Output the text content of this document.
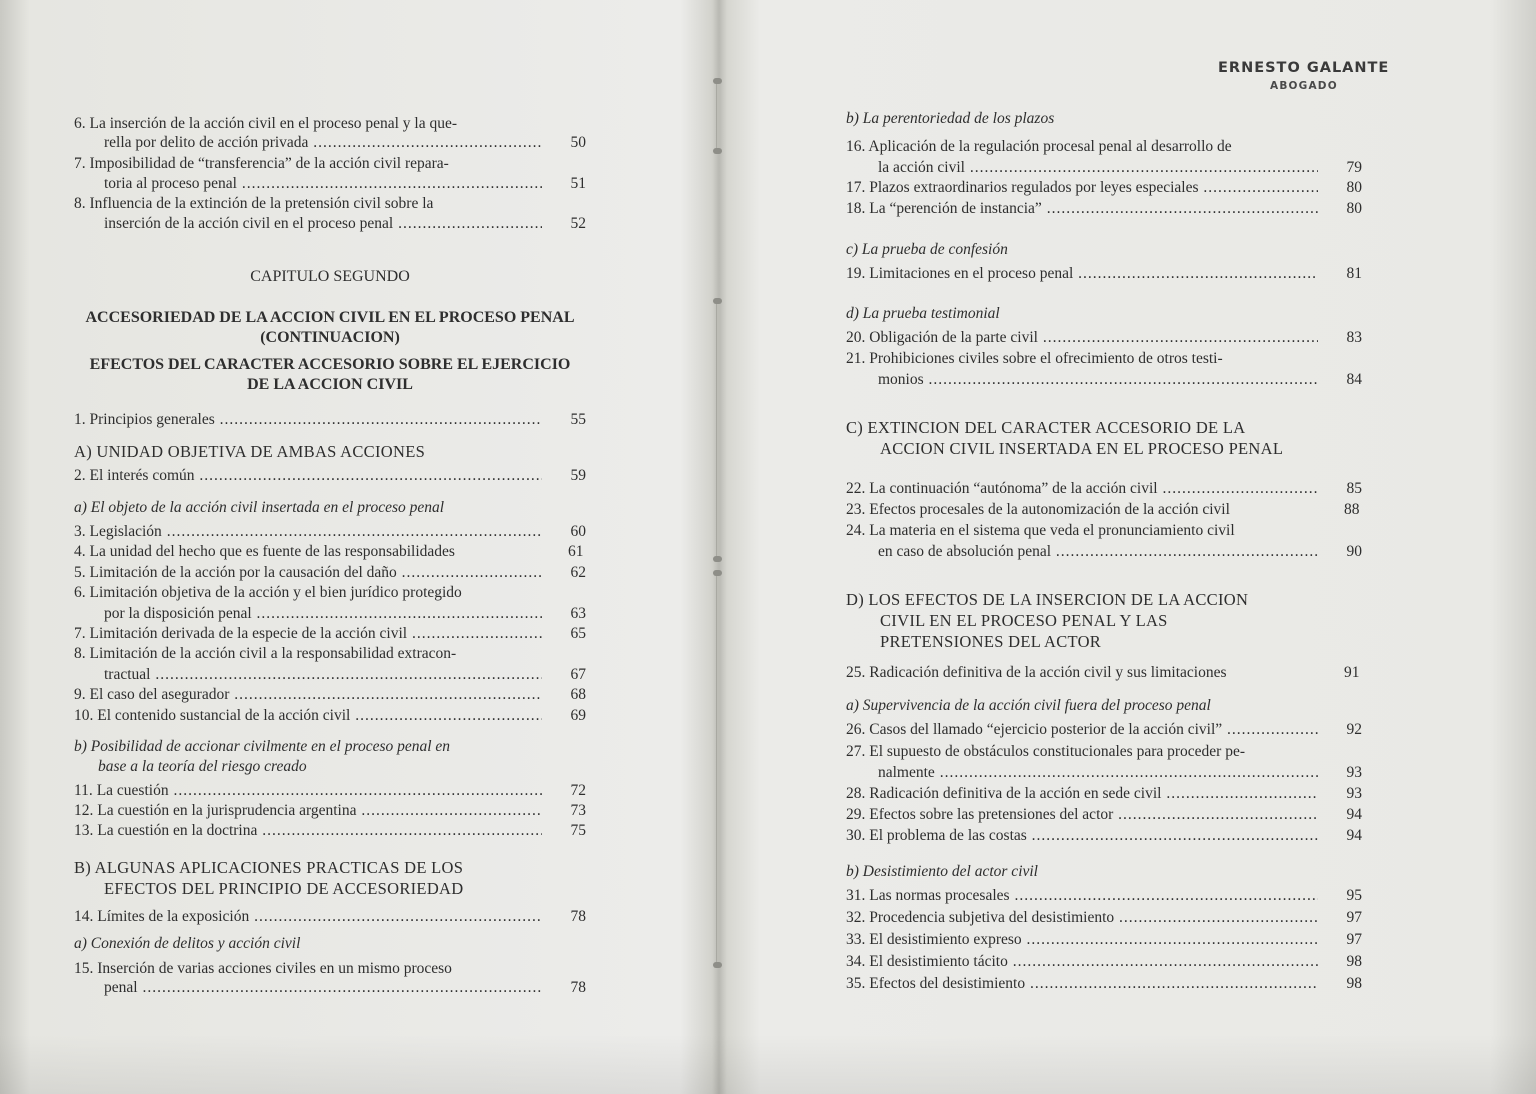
ERNESTO GALANTE
ABOGADO
6. La inserción de la acción civil en el proceso penal y la que-
rella por delito de acción privada .....	50
7. Imposibilidad de “transferencia” de la acción civil repara-
toria al proceso penal .....	51
8. Influencia de la extinción de la pretensión civil sobre la
inserción de la acción civil en el proceso penal .....	52
CAPITULO SEGUNDO
ACCESORIEDAD DE LA ACCION CIVIL EN EL PROCESO PENAL
(CONTINUACION)
EFECTOS DEL CARACTER ACCESORIO SOBRE EL EJERCICIO
DE LA ACCION CIVIL
1. Principios generales .....	55
A) UNIDAD OBJETIVA DE AMBAS ACCIONES
2. El interés común .....	59
a) El objeto de la acción civil insertada en el proceso penal
3. Legislación .....	60
4. La unidad del hecho que es fuente de las responsabilidades	61
5. Limitación de la acción por la causación del daño .....	62
6. Limitación objetiva de la acción y el bien jurídico protegido
por la disposición penal .....	63
7. Limitación derivada de la especie de la acción civil .....	65
8. Limitación de la acción civil a la responsabilidad extracon-
tractual .....	67
9. El caso del asegurador .....	68
10. El contenido sustancial de la acción civil .....	69
b) Posibilidad de accionar civilmente en el proceso penal en
base a la teoría del riesgo creado
11. La cuestión .....	72
12. La cuestión en la jurisprudencia argentina .....	73
13. La cuestión en la doctrina .....	75
B) ALGUNAS APLICACIONES PRACTICAS DE LOS
EFECTOS DEL PRINCIPIO DE ACCESORIEDAD
14. Límites de la exposición .....	78
a) Conexión de delitos y acción civil
15. Inserción de varias acciones civiles en un mismo proceso
penal .....	78
b) La perentoriedad de los plazos
16. Aplicación de la regulación procesal penal al desarrollo de
la acción civil .....	79
17. Plazos extraordinarios regulados por leyes especiales .....	80
18. La “perención de instancia” .....	80
c) La prueba de confesión
19. Limitaciones en el proceso penal .....	81
d) La prueba testimonial
20. Obligación de la parte civil .....	83
21. Prohibiciones civiles sobre el ofrecimiento de otros testi-
monios .....	84
C) EXTINCION DEL CARACTER ACCESORIO DE LA
ACCION CIVIL INSERTADA EN EL PROCESO PENAL
22. La continuación “autónoma” de la acción civil .....	85
23. Efectos procesales de la autonomización de la acción civil	88
24. La materia en el sistema que veda el pronunciamiento civil
en caso de absolución penal .....	90
D) LOS EFECTOS DE LA INSERCION DE LA ACCION
CIVIL EN EL PROCESO PENAL Y LAS
PRETENSIONES DEL ACTOR
25. Radicación definitiva de la acción civil y sus limitaciones	91
a) Supervivencia de la acción civil fuera del proceso penal
26. Casos del llamado “ejercicio posterior de la acción civil” .....	92
27. El supuesto de obstáculos constitucionales para proceder pe-
nalmente .....	93
28. Radicación definitiva de la acción en sede civil .....	93
29. Efectos sobre las pretensiones del actor .....	94
30. El problema de las costas .....	94
b) Desistimiento del actor civil
31. Las normas procesales .....	95
32. Procedencia subjetiva del desistimiento .....	97
33. El desistimiento expreso .....	97
34. El desistimiento tácito .....	98
35. Efectos del desistimiento .....	98
